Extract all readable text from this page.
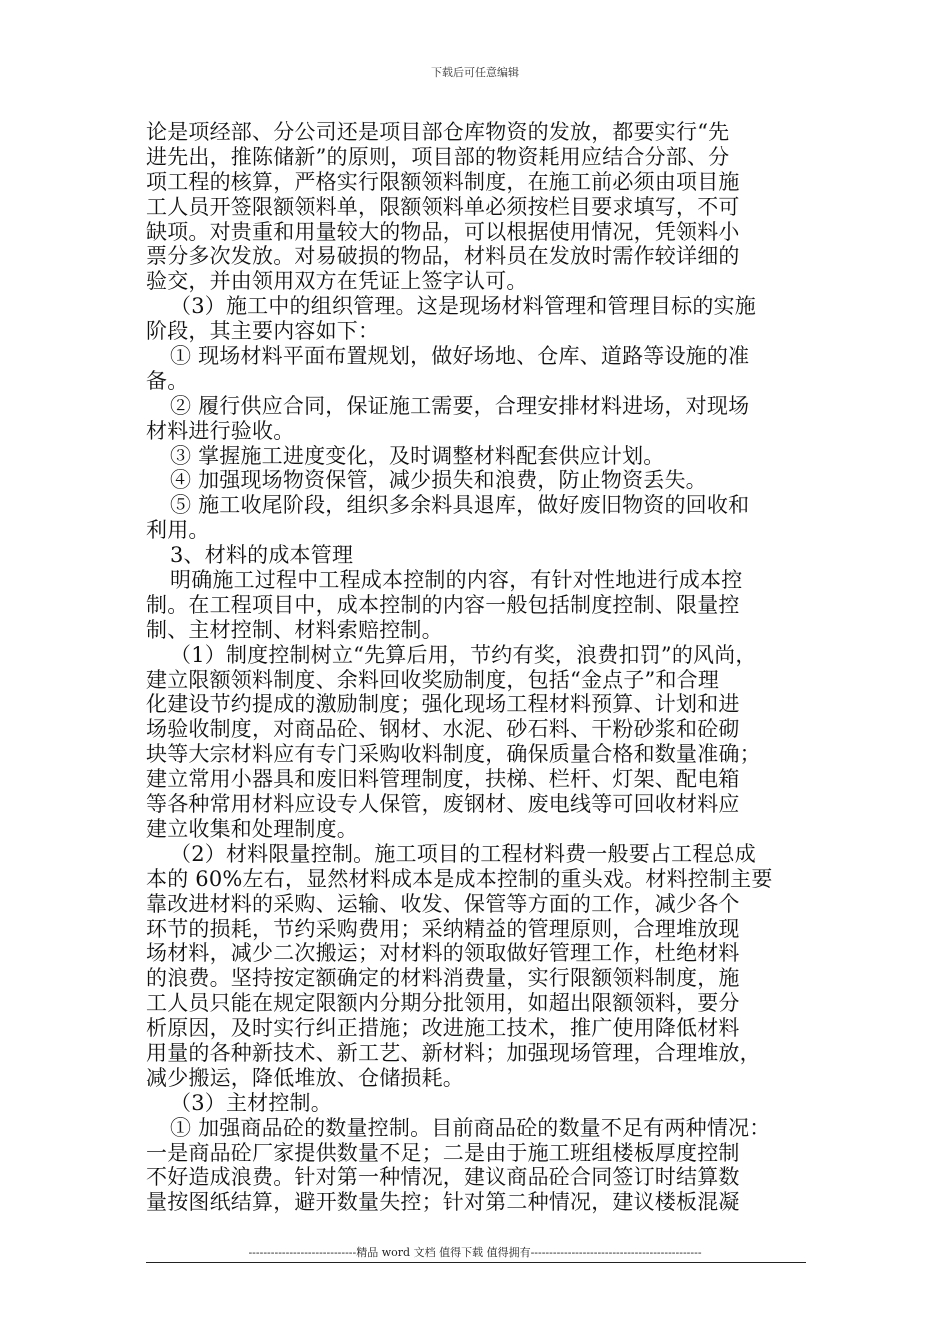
下载后可任意编辑
论是项经部、分公司还是项目部仓库物资的发放，都要实行“先
进先出，推陈储新”的原则，项目部的物资耗用应结合分部、分
项工程的核算，严格实行限额领料制度，在施工前必须由项目施
工人员开签限额领料单，限额领料单必须按栏目要求填写，不可
缺项。对贵重和用量较大的物品，可以根据使用情况，凭领料小
票分多次发放。对易破损的物品，材料员在发放时需作较详细的
验交，并由领用双方在凭证上签字认可。
（3）施工中的组织管理。这是现场材料管理和管理目标的实施
阶段，其主要内容如下：
① 现场材料平面布置规划，做好场地、仓库、道路等设施的准
备。
② 履行供应合同，保证施工需要，合理安排材料进场，对现场
材料进行验收。
③ 掌握施工进度变化，及时调整材料配套供应计划。
④ 加强现场物资保管，减少损失和浪费，防止物资丢失。
⑤ 施工收尾阶段，组织多余料具退库，做好废旧物资的回收和
利用。
3、材料的成本管理
明确施工过程中工程成本控制的内容，有针对性地进行成本控
制。在工程项目中，成本控制的内容一般包括制度控制、限量控
制、主材控制、材料索赔控制。
（1）制度控制树立“先算后用，节约有奖，浪费扣罚”的风尚，
建立限额领料制度、余料回收奖励制度，包括“金点子”和合理
化建设节约提成的激励制度；强化现场工程材料预算、计划和进
场验收制度，对商品砼、钢材、水泥、砂石料、干粉砂浆和砼砌
块等大宗材料应有专门采购收料制度，确保质量合格和数量准确；
建立常用小器具和废旧料管理制度，扶梯、栏杆、灯架、配电箱
等各种常用材料应设专人保管，废钢材、废电线等可回收材料应
建立收集和处理制度。
（2）材料限量控制。施工项目的工程材料费一般要占工程总成
本的 60%左右，显然材料成本是成本控制的重头戏。材料控制主要
靠改进材料的采购、运输、收发、保管等方面的工作，减少各个
环节的损耗，节约采购费用；采纳精益的管理原则，合理堆放现
场材料，减少二次搬运；对材料的领取做好管理工作，杜绝材料
的浪费。坚持按定额确定的材料消费量，实行限额领料制度，施
工人员只能在规定限额内分期分批领用，如超出限额领料，要分
析原因，及时实行纠正措施；改进施工技术，推广使用降低材料
用量的各种新技术、新工艺、新材料；加强现场管理，合理堆放，
减少搬运，降低堆放、仓储损耗。
（3）主材控制。
① 加强商品砼的数量控制。目前商品砼的数量不足有两种情况：
一是商品砼厂家提供数量不足；二是由于施工班组楼板厚度控制
不好造成浪费。针对第一种情况，建议商品砼合同签订时结算数
量按图纸结算，避开数量失控；针对第二种情况，建议楼板混凝
-----------------------------精品 word 文档 值得下载 值得拥有----------------------------------------------
